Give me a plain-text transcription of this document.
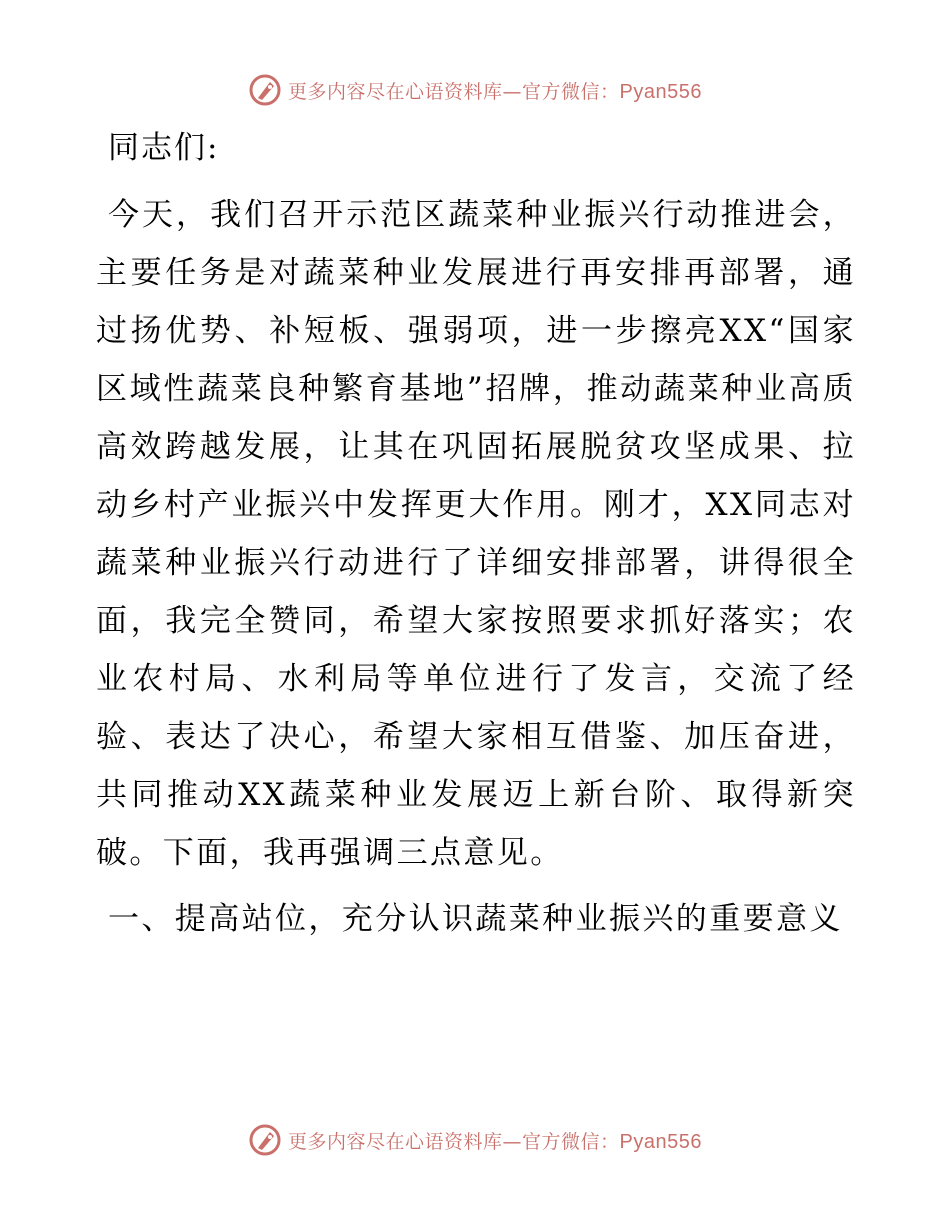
更多内容尽在心语资料库—官方微信：Pyan556

同志们:

今天，我们召开示范区蔬菜种业振兴行动推进会，主要任务是对蔬菜种业发展进行再安排再部署，通过扬优势、补短板、强弱项，进一步擦亮XX“国家区域性蔬菜良种繁育基地”招牌，推动蔬菜种业高质高效跨越发展，让其在巩固拓展脱贫攻坚成果、拉动乡村产业振兴中发挥更大作用。刚才，XX同志对蔬菜种业振兴行动进行了详细安排部署，讲得很全面，我完全赞同，希望大家按照要求抓好落实；农业农村局、水利局等单位进行了发言，交流了经验、表达了决心，希望大家相互借鉴、加压奋进，共同推动XX蔬菜种业发展迈上新台阶、取得新突破。下面，我再强调三点意见。

一、提高站位，充分认识蔬菜种业振兴的重要意义

更多内容尽在心语资料库—官方微信：Pyan556
